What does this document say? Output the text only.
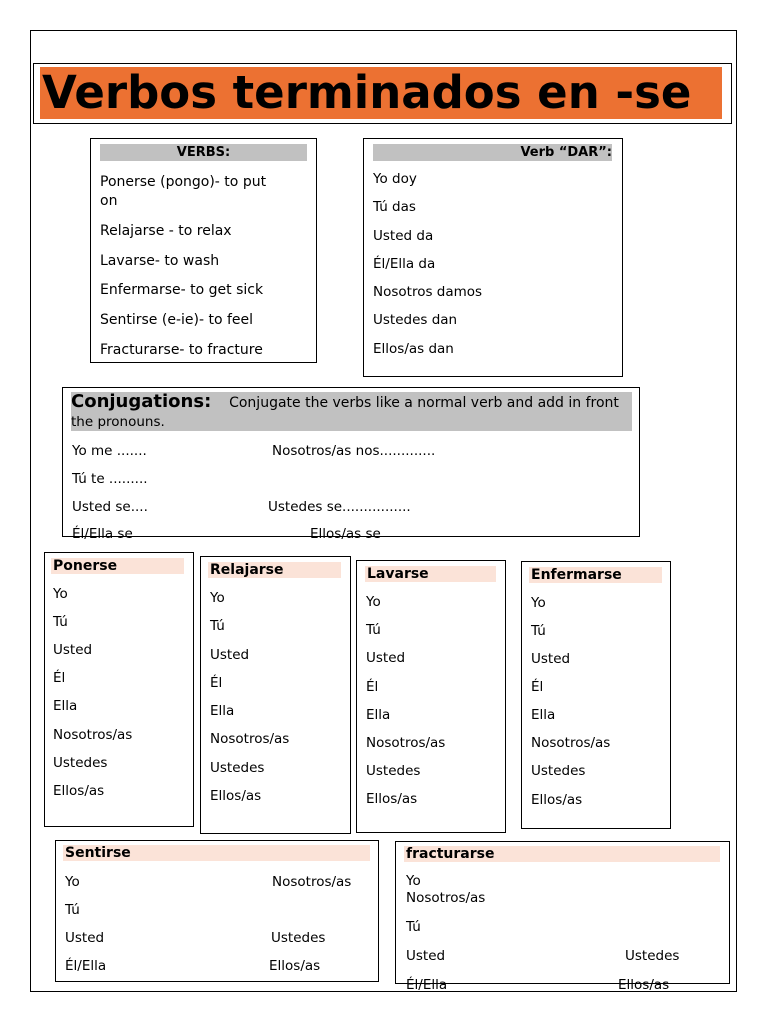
Verbos terminados en -se
VERBS:
Ponerse (pongo)- to put
on
Relajarse - to relax
Lavarse- to wash
Enfermarse- to get sick
Sentirse (e-ie)- to feel
Fracturarse- to fracture
Verb “DAR”:
Yo doy
Tú das
Usted da
Él/Ella da
Nosotros damos
Ustedes dan
Ellos/as dan
Conjugations: Conjugate the verbs like a normal verb and add in front
the pronouns.
Yo me .......	Nosotros/as nos.............
Tú te .........
Usted se....	Ustedes se................
Él/Ella se	Ellos/as se
Ponerse
Yo
Tú
Usted
Él
Ella
Nosotros/as
Ustedes
Ellos/as
Relajarse
Yo
Tú
Usted
Él
Ella
Nosotros/as
Ustedes
Ellos/as
Lavarse
Yo
Tú
Usted
Él
Ella
Nosotros/as
Ustedes
Ellos/as
Enfermarse
Yo
Tú
Usted
Él
Ella
Nosotros/as
Ustedes
Ellos/as
Sentirse
Yo	Nosotros/as
Tú
Usted	Ustedes
Él/Ella	Ellos/as
fracturarse
Yo
Nosotros/as
Tú
Usted	Ustedes
Él/Ella	Ellos/as
